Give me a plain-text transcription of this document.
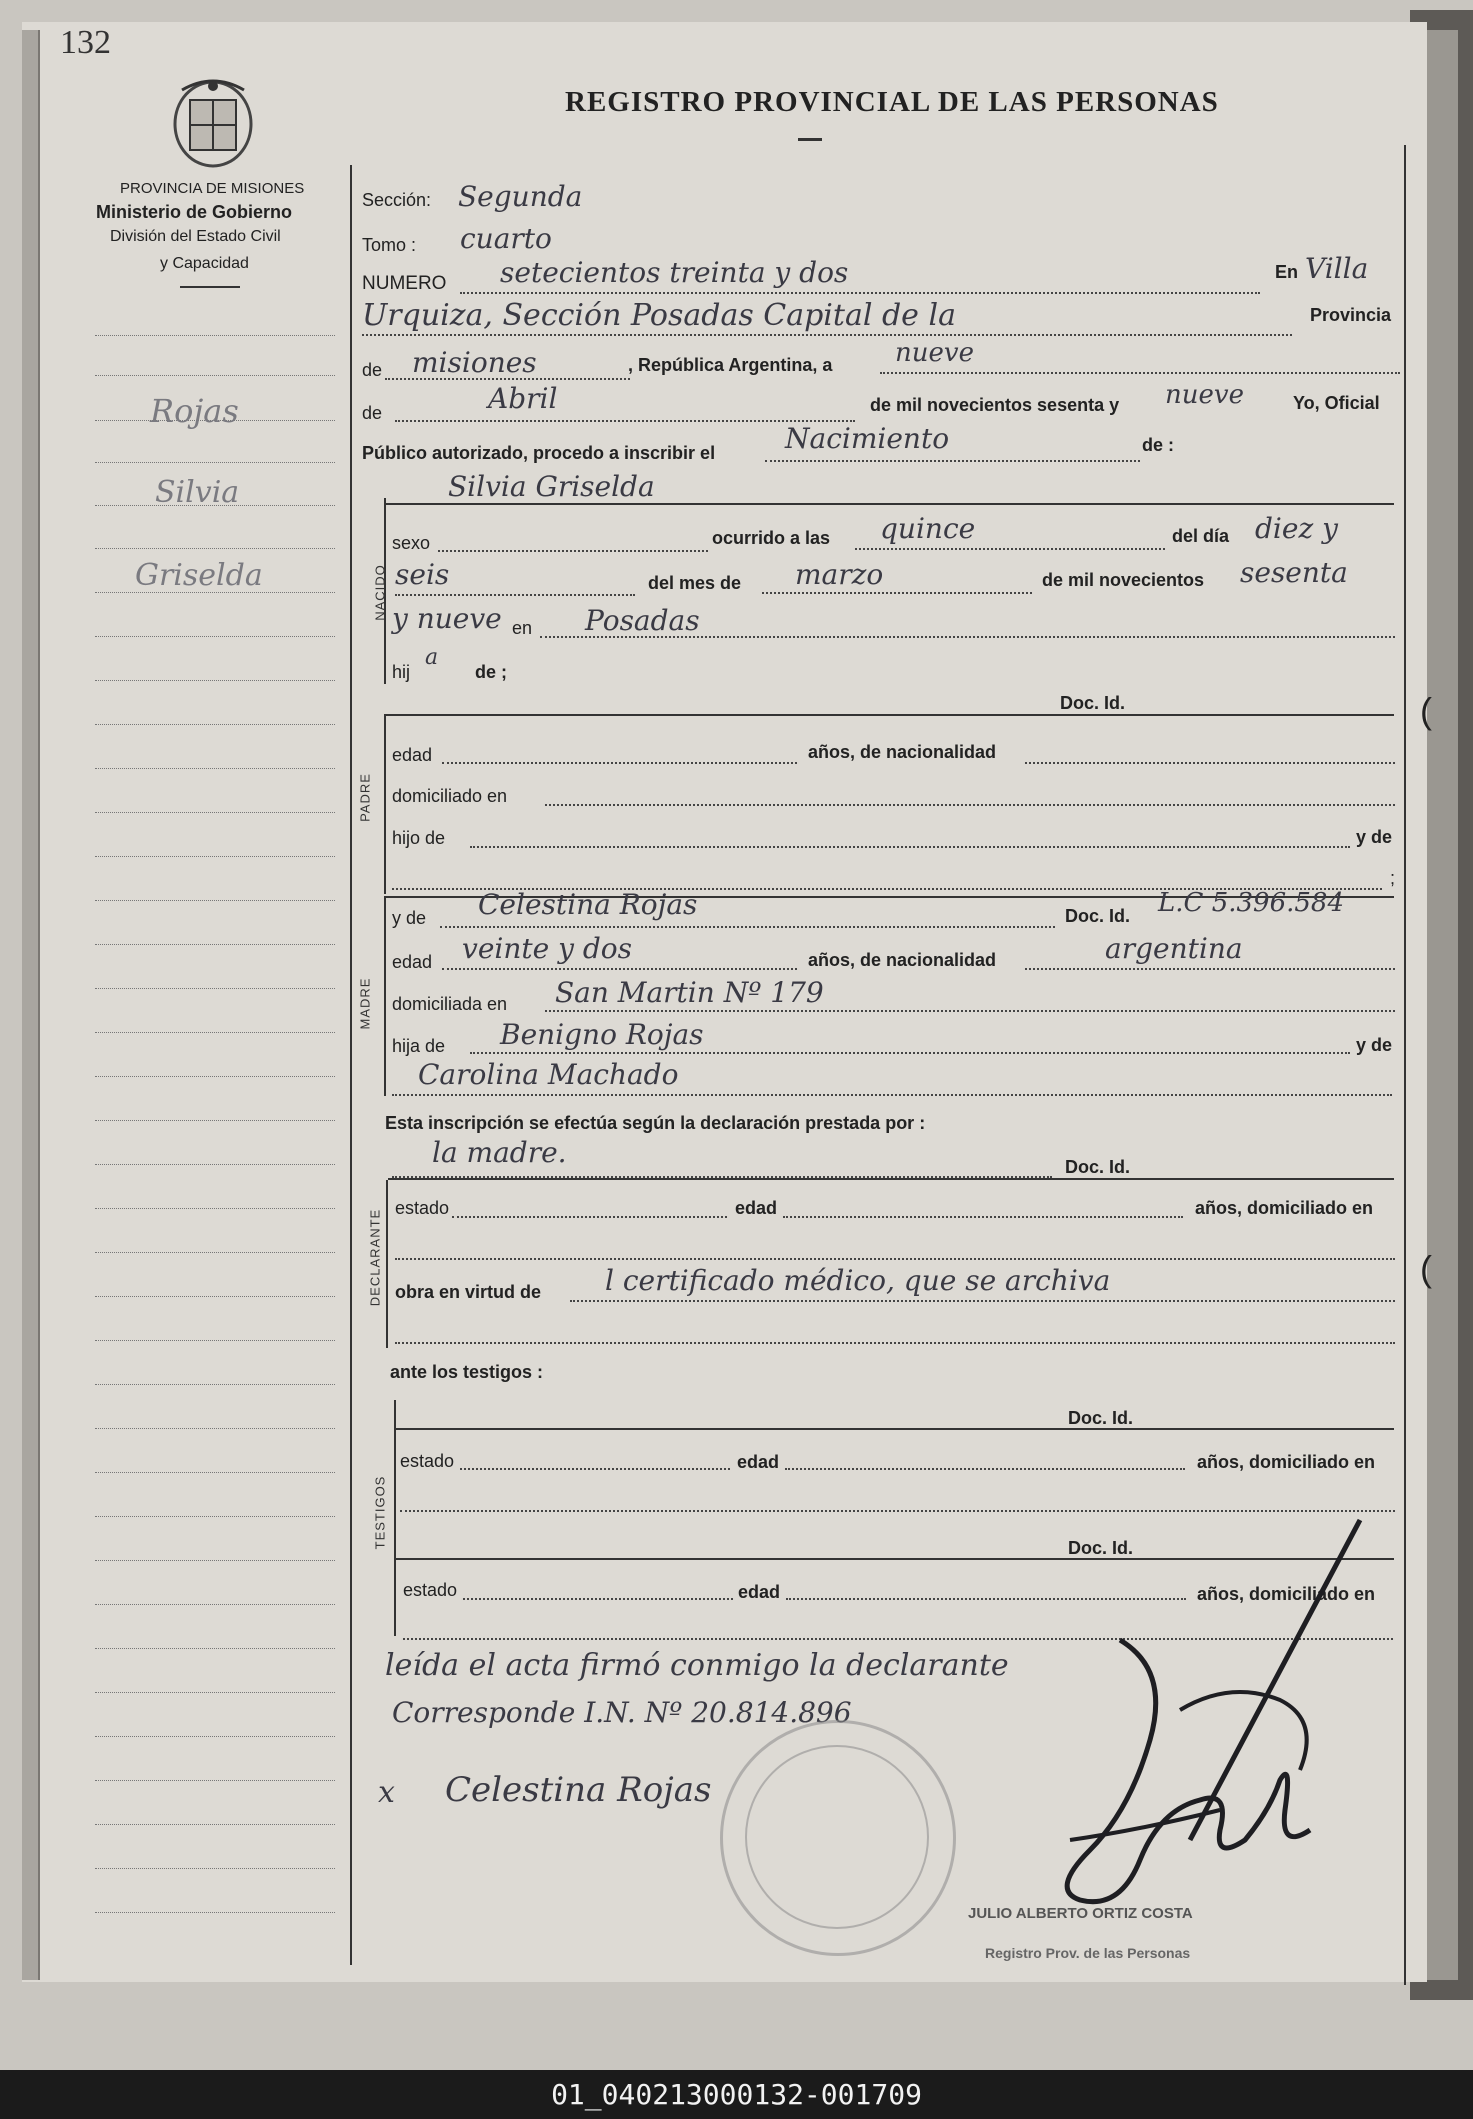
132
REGISTRO PROVINCIAL DE LAS PERSONAS
PROVINCIA DE MISIONES
Ministerio de Gobierno
División del Estado Civil
y Capacidad
Rojas
Silvia
Griselda
Sección: Segunda
Tomo : cuarto
NUMERO setecientos treinta y dos	En Villa
Urquiza, Sección Posadas Capital de la	Provincia
de misiones	, República Argentina, a nueve
de	Abril	de mil novecientos sesenta y nueve	Yo, Oficial
Público autorizado, procedo a inscribir el Nacimiento	de :
Silvia Griselda
NACIDO
sexo	ocurrido a las quince	del día diez y
seis	del mes de marzo	de mil novecientos sesenta
y nueve en Posadas
hij
a
de ;
Doc. Id.
PADRE
edad	años, de nacionalidad
domiciliado en
hijo de	y de
;
MADRE
y de Celestina Rojas	Doc. Id. L.C 5.396.584
edad veinte y dos	años, de nacionalidad	argentina
domiciliada en San Martin Nº 179
hija de Benigno Rojas	y de
Carolina Machado
Esta inscripción se efectúa según la declaración prestada por :
la madre.	Doc. Id.
DECLARANTE
estado	edad	años, domiciliado en
obra en virtud de l certificado médico, que se archiva
ante los testigos :
TESTIGOS
Doc. Id.
estado	edad	años, domiciliado en
Doc. Id.
estado	edad	años, domiciliado en
leída el acta firmó conmigo la declarante
Corresponde I.N. Nº 20.814.896
x Celestina Rojas
JULIO ALBERTO ORTIZ COSTA
Registro Prov. de las Personas
(
(
01_040213000132-001709
